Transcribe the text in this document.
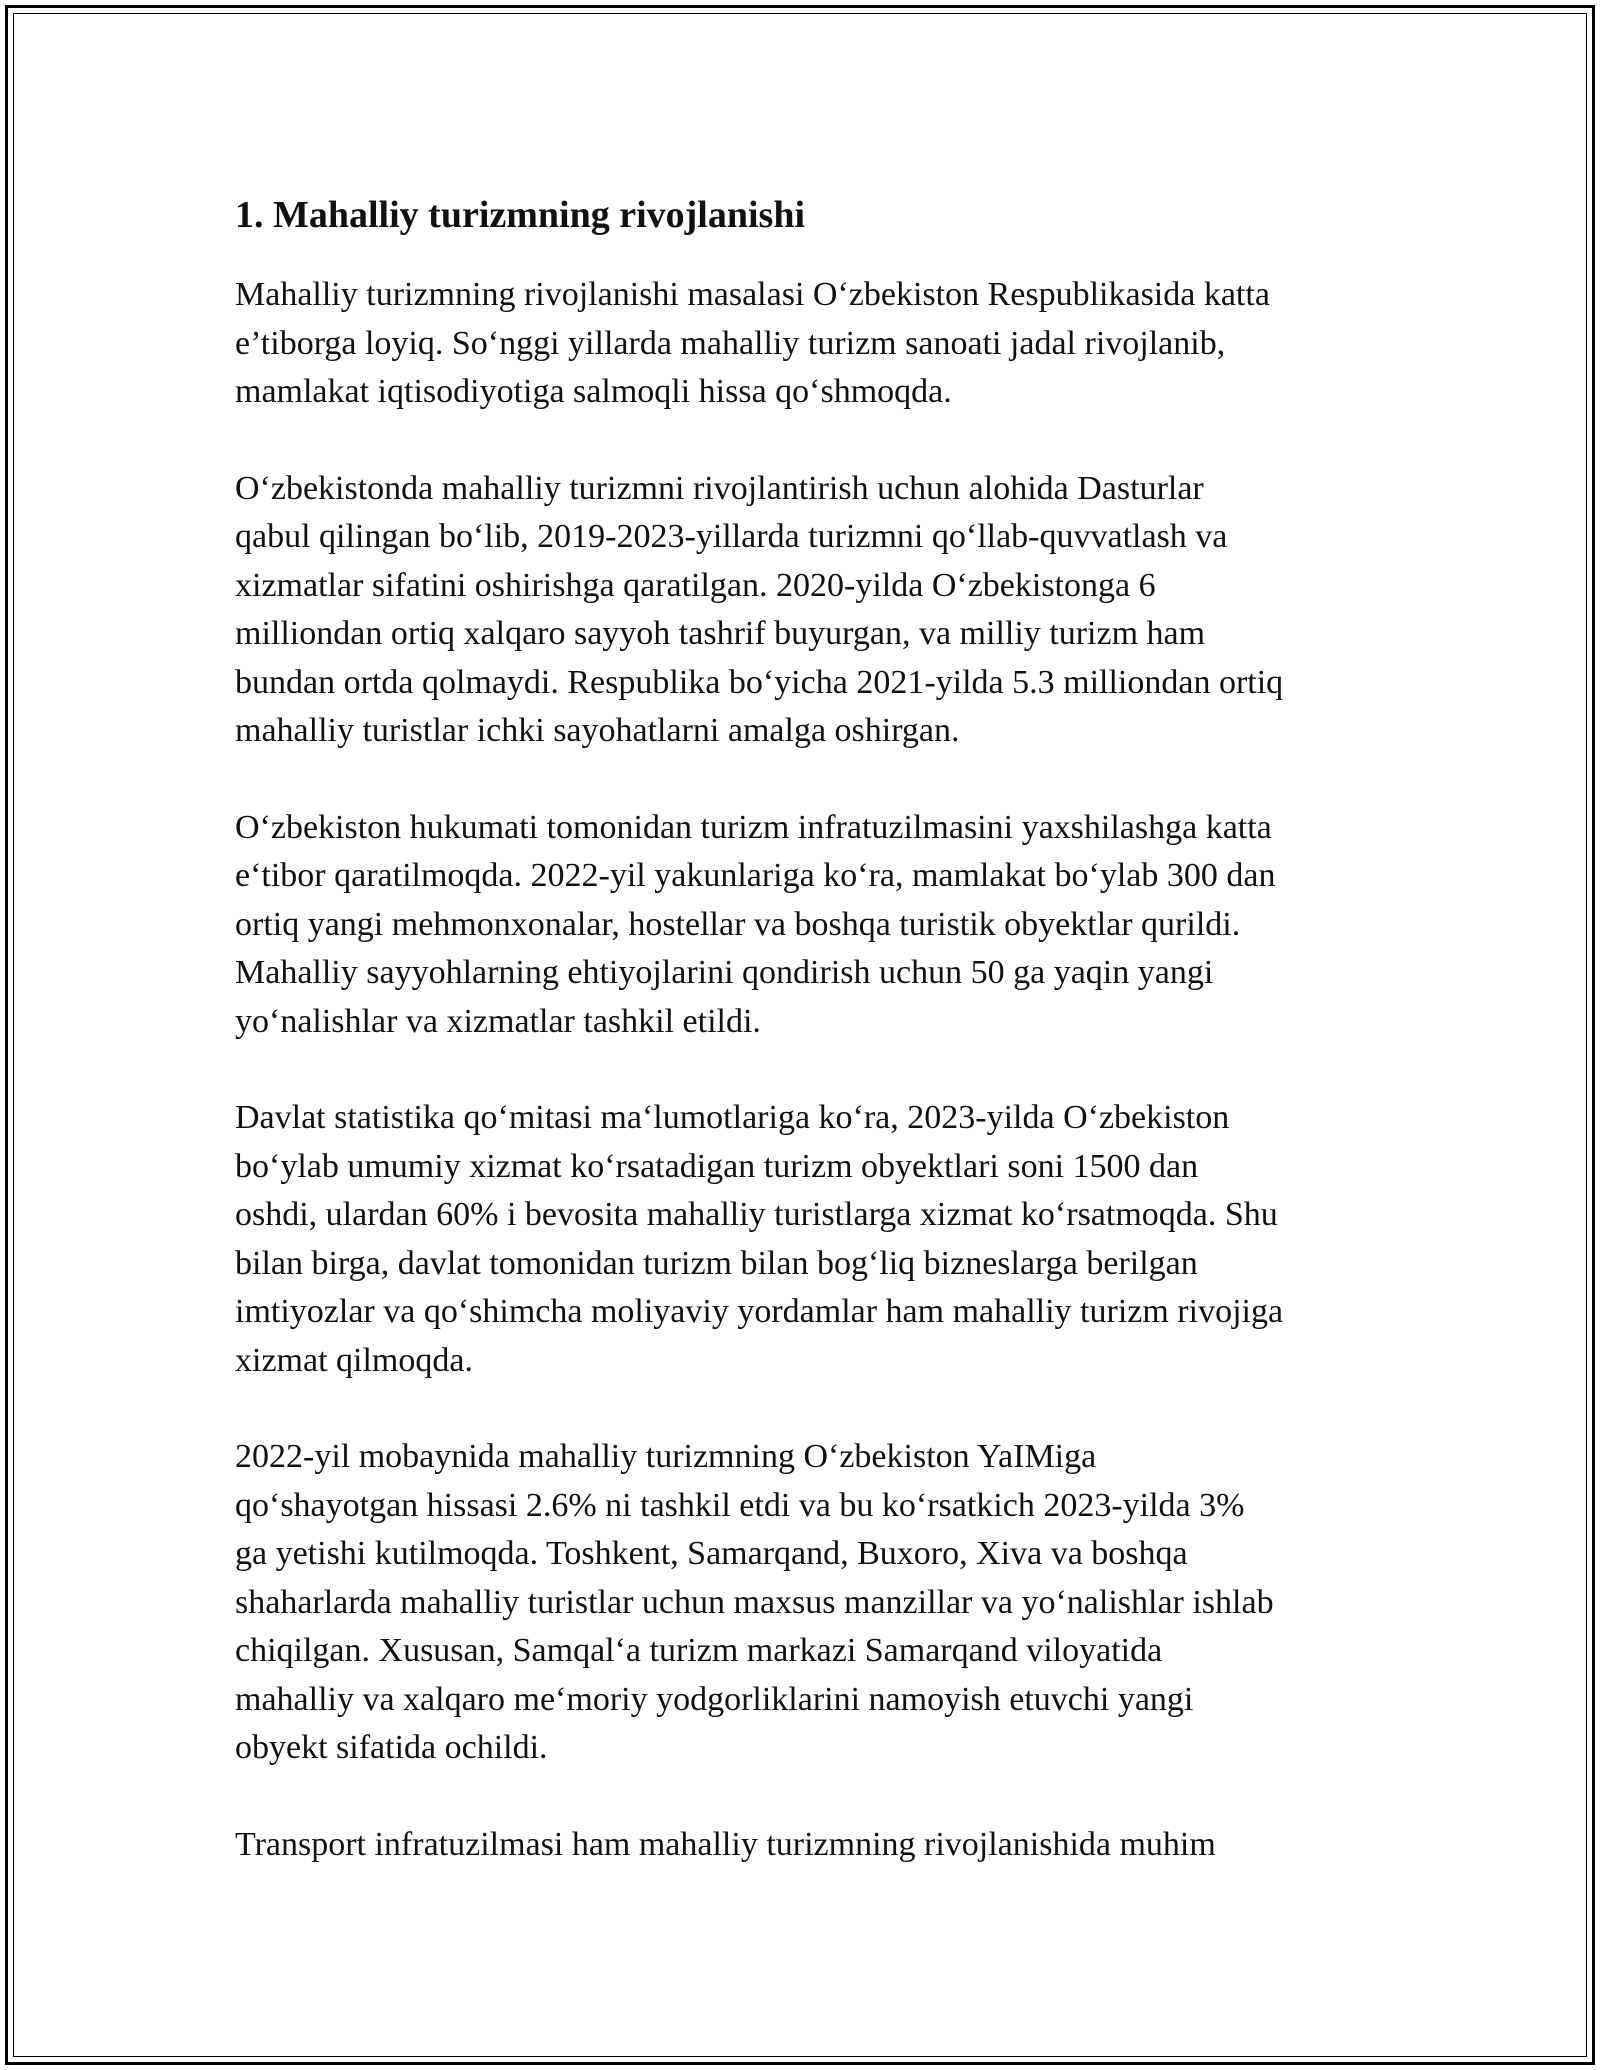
1. Mahalliy turizmning rivojlanishi

Mahalliy turizmning rivojlanishi masalasi O‘zbekiston Respublikasida katta
e’tiborga loyiq. So‘nggi yillarda mahalliy turizm sanoati jadal rivojlanib,
mamlakat iqtisodiyotiga salmoqli hissa qo‘shmoqda.

O‘zbekistonda mahalliy turizmni rivojlantirish uchun alohida Dasturlar
qabul qilingan bo‘lib, 2019-2023-yillarda turizmni qo‘llab-quvvatlash va
xizmatlar sifatini oshirishga qaratilgan. 2020-yilda O‘zbekistonga 6
milliondan ortiq xalqaro sayyoh tashrif buyurgan, va milliy turizm ham
bundan ortda qolmaydi. Respublika bo‘yicha 2021-yilda 5.3 milliondan ortiq
mahalliy turistlar ichki sayohatlarni amalga oshirgan.

O‘zbekiston hukumati tomonidan turizm infratuzilmasini yaxshilashga katta
e‘tibor qaratilmoqda. 2022-yil yakunlariga ko‘ra, mamlakat bo‘ylab 300 dan
ortiq yangi mehmonxonalar, hostellar va boshqa turistik obyektlar qurildi.
Mahalliy sayyohlarning ehtiyojlarini qondirish uchun 50 ga yaqin yangi
yo‘nalishlar va xizmatlar tashkil etildi.

Davlat statistika qo‘mitasi ma‘lumotlariga ko‘ra, 2023-yilda O‘zbekiston
bo‘ylab umumiy xizmat ko‘rsatadigan turizm obyektlari soni 1500 dan
oshdi, ulardan 60% i bevosita mahalliy turistlarga xizmat ko‘rsatmoqda. Shu
bilan birga, davlat tomonidan turizm bilan bog‘liq bizneslarga berilgan
imtiyozlar va qo‘shimcha moliyaviy yordamlar ham mahalliy turizm rivojiga
xizmat qilmoqda.

2022-yil mobaynida mahalliy turizmning O‘zbekiston YaIMiga
qo‘shayotgan hissasi 2.6% ni tashkil etdi va bu ko‘rsatkich 2023-yilda 3%
ga yetishi kutilmoqda. Toshkent, Samarqand, Buxoro, Xiva va boshqa
shaharlarda mahalliy turistlar uchun maxsus manzillar va yo‘nalishlar ishlab
chiqilgan. Xususan, Samqal‘a turizm markazi Samarqand viloyatida
mahalliy va xalqaro me‘moriy yodgorliklarini namoyish etuvchi yangi
obyekt sifatida ochildi.

Transport infratuzilmasi ham mahalliy turizmning rivojlanishida muhim
